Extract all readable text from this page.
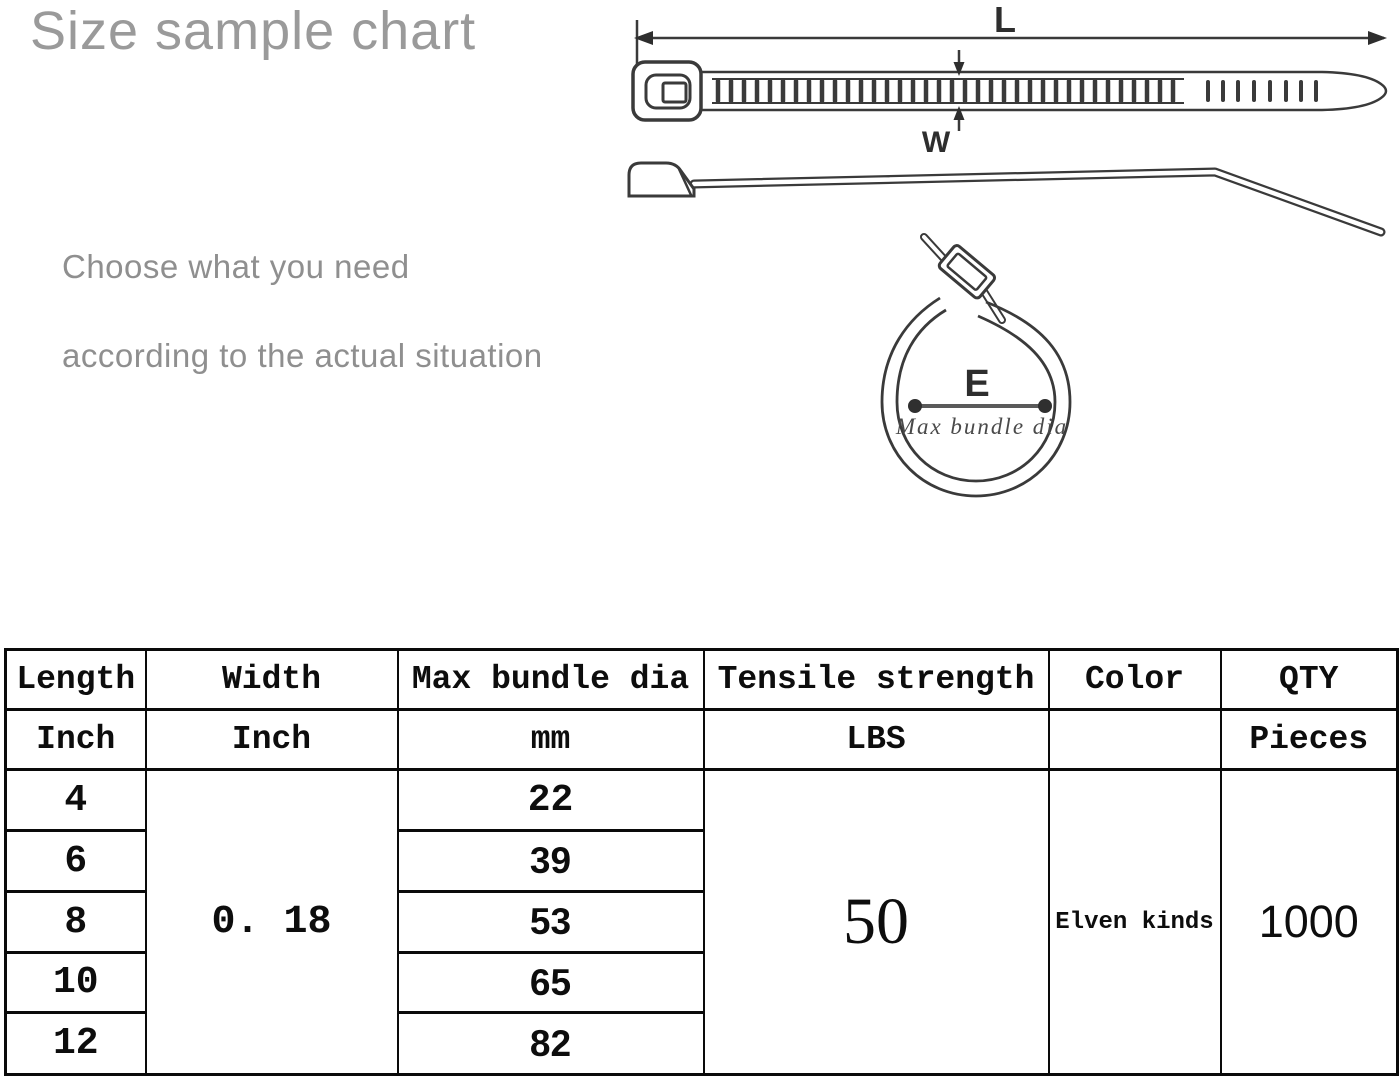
Size sample chart
Choose what you need
according to the actual situation
L
W
E
Max bundle dia
Length	Width	Max bundle dia	Tensile strength	Color	QTY
Inch	Inch	mm	LBS		Pieces
4	0. 18	22	50	Elven kinds	1000
6		39			
8		53			
10		65			
12		82			
